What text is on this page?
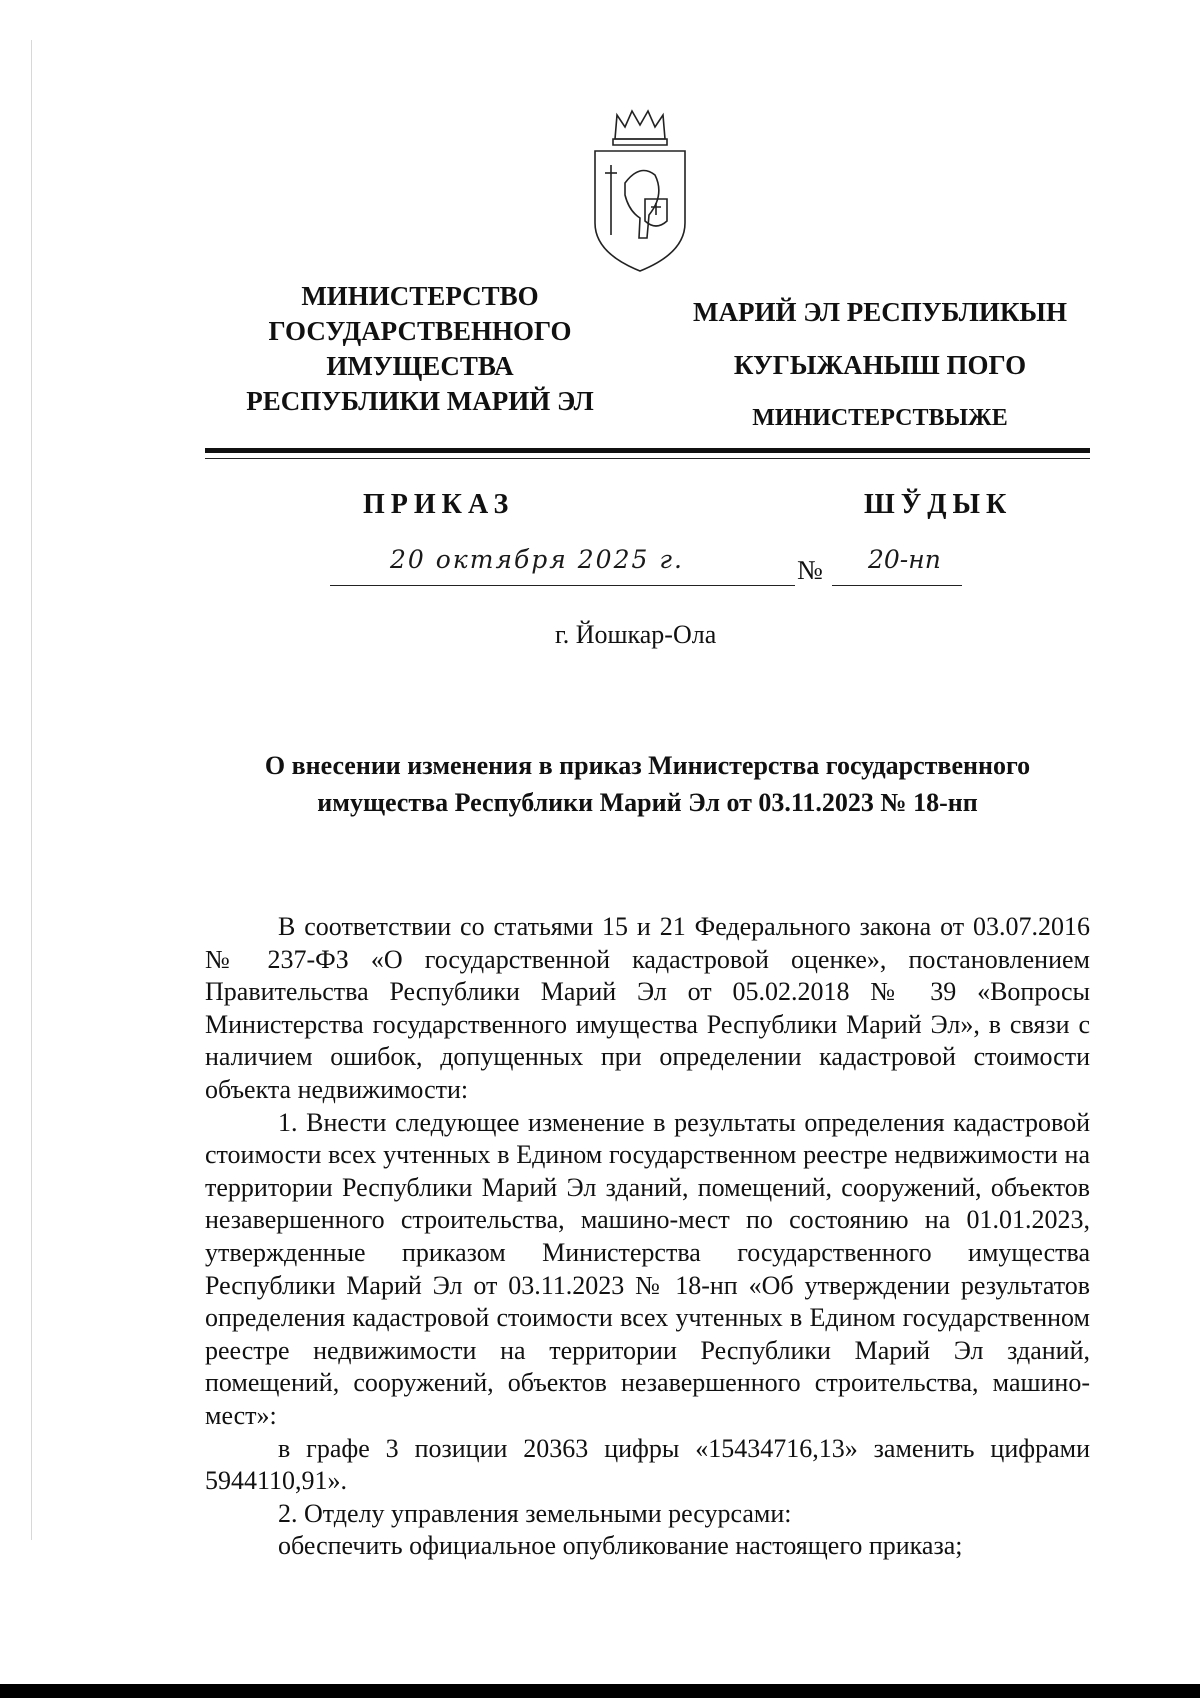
МИНИСТЕРСТВО
ГОСУДАРСТВЕННОГО
ИМУЩЕСТВА
РЕСПУБЛИКИ МАРИЙ ЭЛ
МАРИЙ ЭЛ РЕСПУБЛИКЫН
КУГЫЖАНЫШ ПОГО
МИНИСТЕРСТВЫЖЕ
ПРИКАЗ	ШЎДЫК
20 октября 2025 г.	№ 20-нп
г. Йошкар-Ола
О внесении изменения в приказ Министерства государственного имущества Республики Марий Эл от 03.11.2023 № 18-нп

В соответствии со статьями 15 и 21 Федерального закона от 03.07.2016 № 237-ФЗ «О государственной кадастровой оценке», постановлением Правительства Республики Марий Эл от 05.02.2018 № 39 «Вопросы Министерства государственного имущества Республики Марий Эл», в связи с наличием ошибок, допущенных при определении кадастровой стоимости объекта недвижимости:

1. Внести следующее изменение в результаты определения кадастровой стоимости всех учтенных в Едином государственном реестре недвижимости на территории Республики Марий Эл зданий, помещений, сооружений, объектов незавершенного строительства, машино-мест по состоянию на 01.01.2023, утвержденные приказом Министерства государственного имущества Республики Марий Эл от 03.11.2023 № 18-нп «Об утверждении результатов определения кадастровой стоимости всех учтенных в Едином государственном реестре недвижимости на территории Республики Марий Эл зданий, помещений, сооружений, объектов незавершенного строительства, машино-мест»:

в графе 3 позиции 20363 цифры «15434716,13» заменить цифрами 5944110,91».

2. Отделу управления земельными ресурсами:

обеспечить официальное опубликование настоящего приказа;
